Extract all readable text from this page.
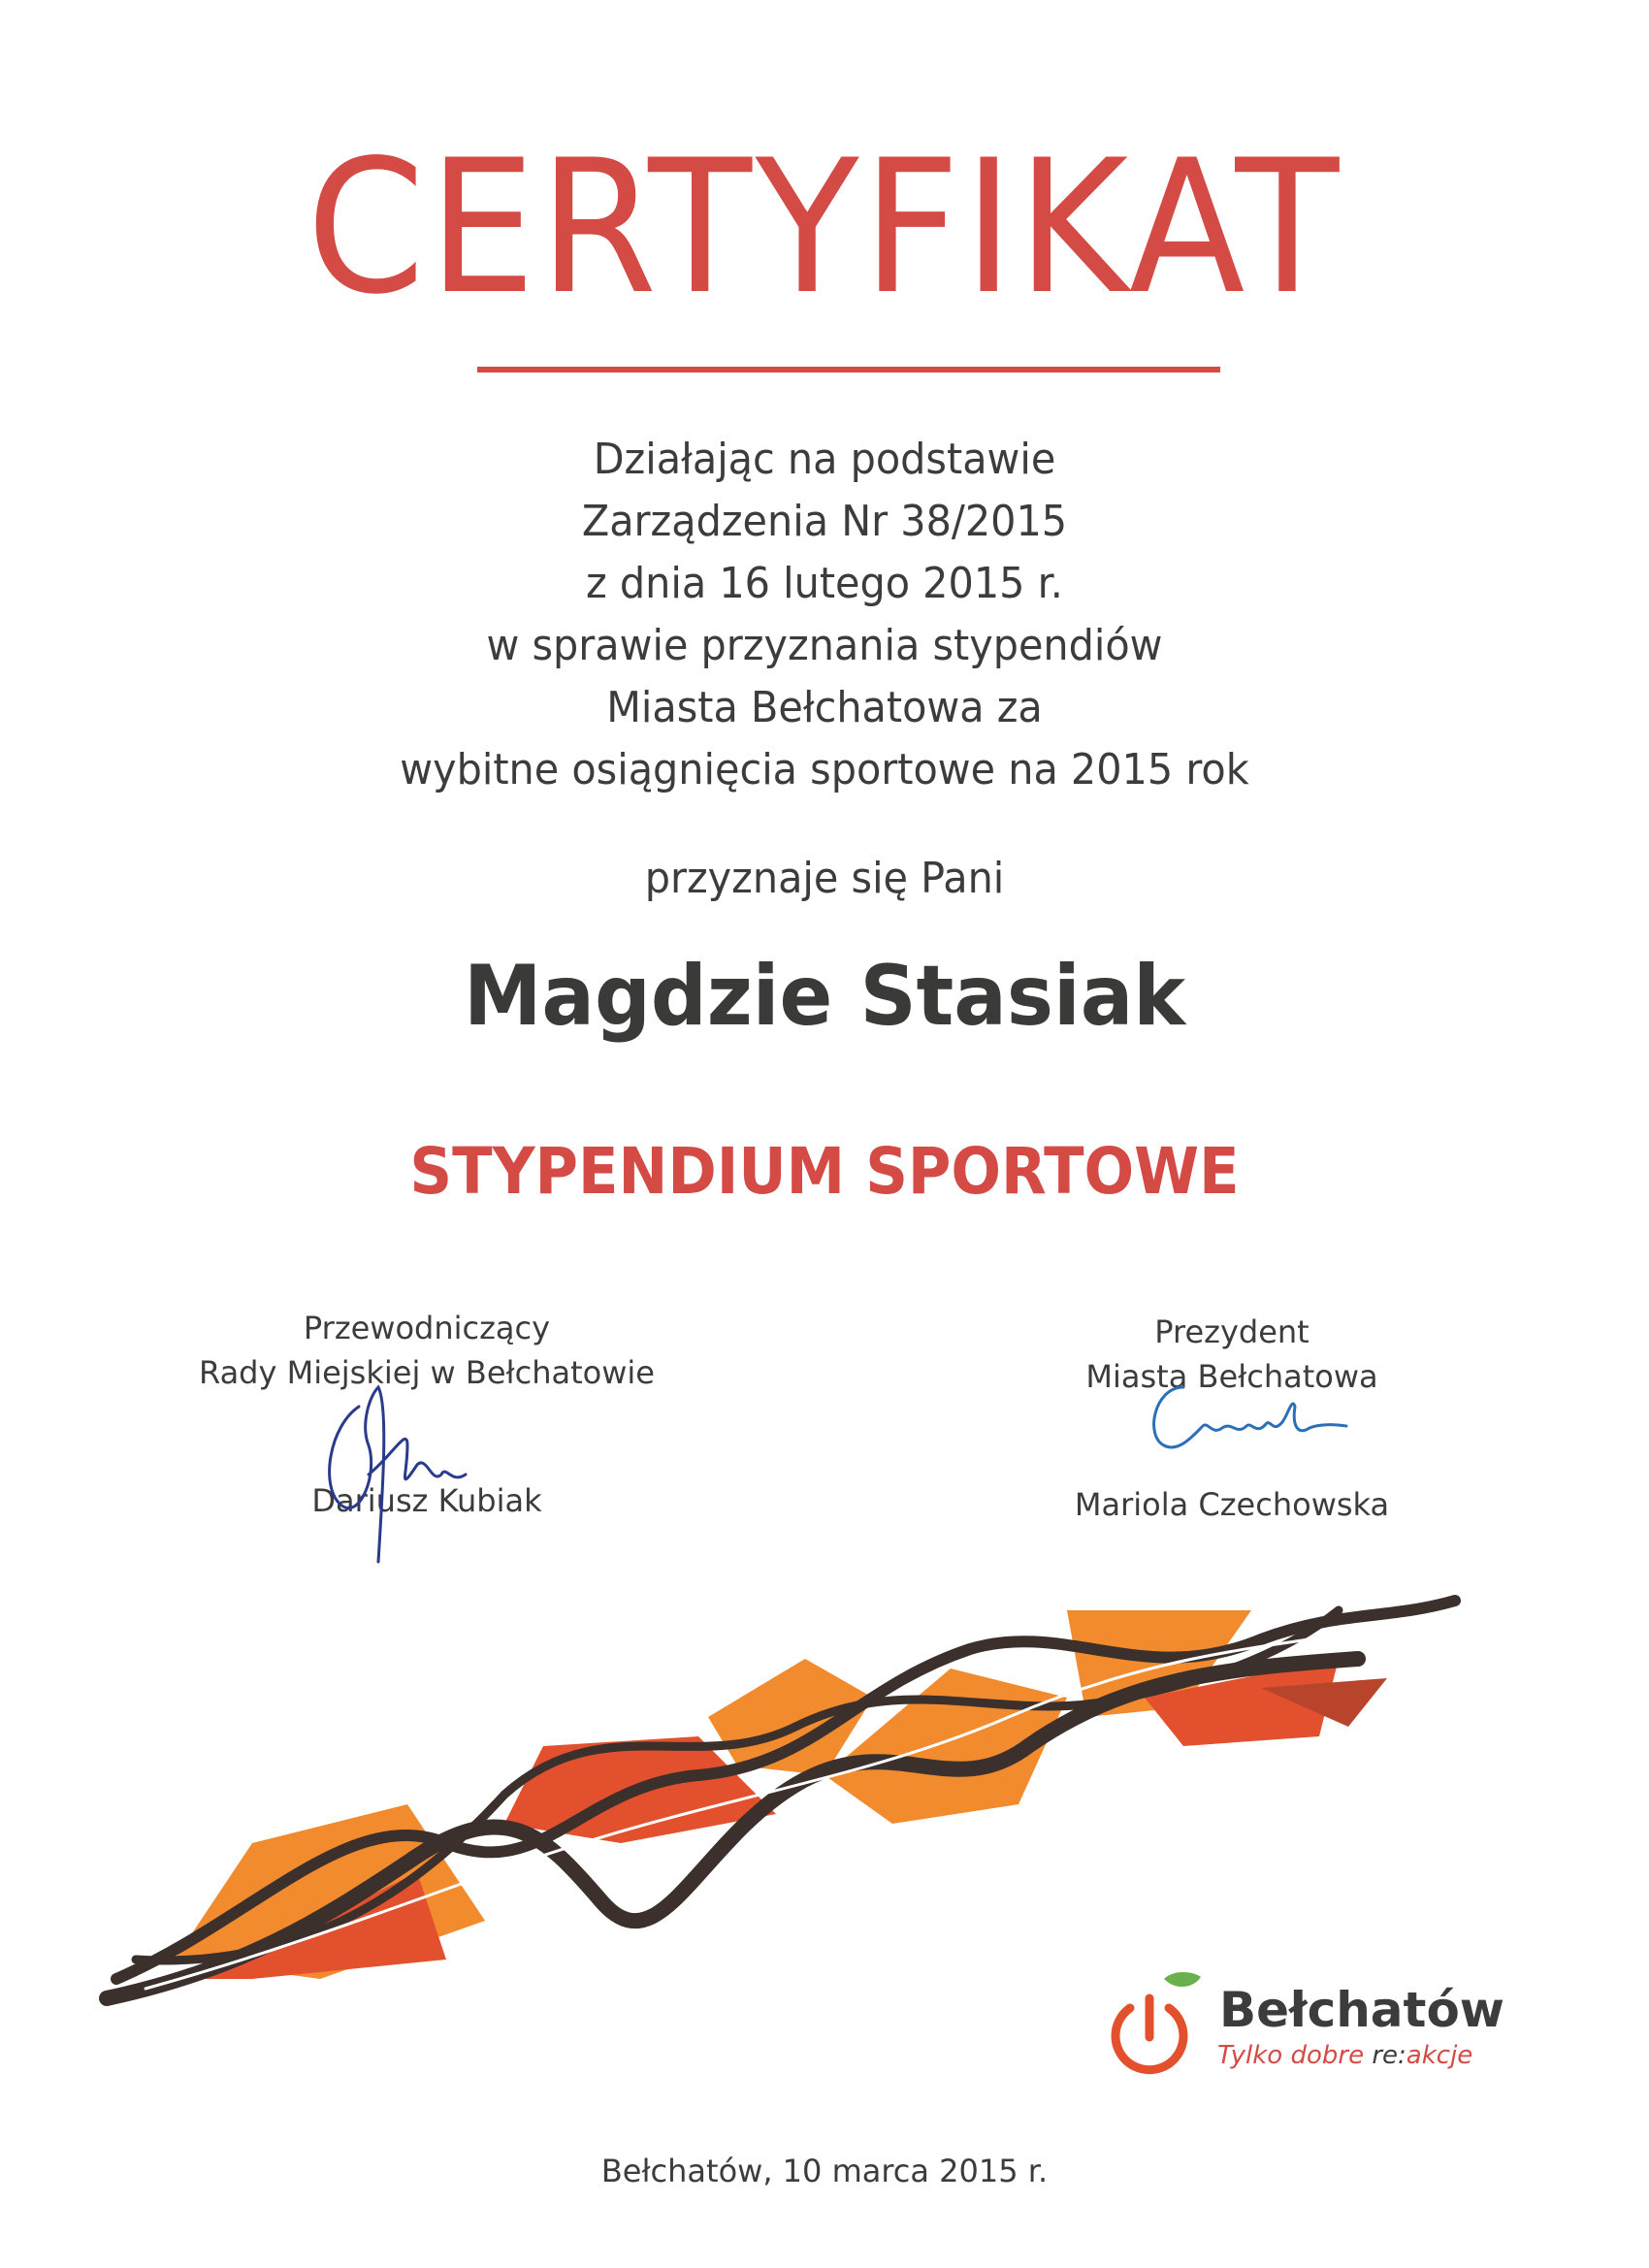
CERTYFIKAT
Działając na podstawie
Zarządzenia Nr 38/2015
z dnia 16 lutego 2015 r.
w sprawie przyznania stypendiów
Miasta Bełchatowa za
wybitne osiągnięcia sportowe na 2015 rok
przyznaje się Pani
Magdzie Stasiak
STYPENDIUM SPORTOWE
Przewodniczący
Rady Miejskiej w Bełchatowie
Dariusz Kubiak
Prezydent
Miasta Bełchatowa
Mariola Czechowska
Bełchatów
Tylko dobre re:akcje
Bełchatów, 10 marca 2015 r.
